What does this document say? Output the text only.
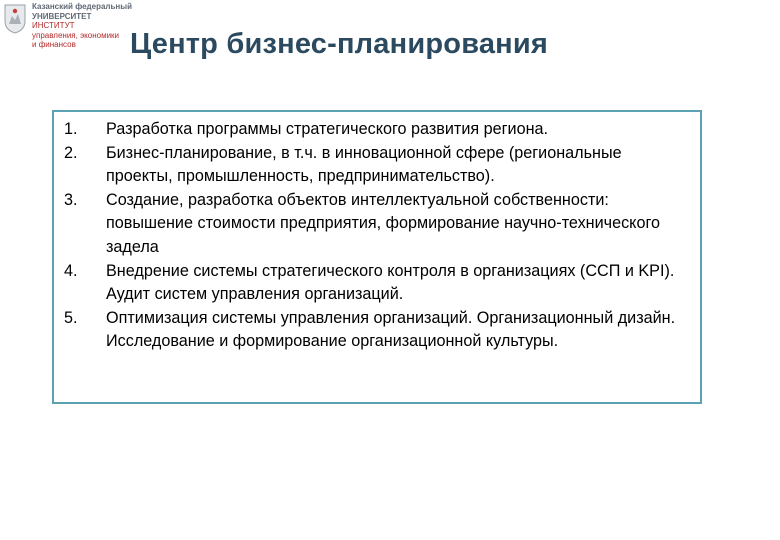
Казанский федеральный
УНИВЕРСИТЕТ
ИНСТИТУТ
управления, экономики
и финансов	Центр бизнес-планирования
1.	Разработка программы стратегического развития региона.
2.	Бизнес-планирование, в т.ч. в инновационной сфере (региональные проекты, промышленность, предпринимательство).
3.	Создание, разработка объектов интеллектуальной собственности: повышение стоимости предприятия, формирование научно-технического задела
4.	Внедрение системы стратегического контроля в организациях (ССП и KPI). Аудит систем управления организаций.
5.	Оптимизация системы управления организаций. Организационный дизайн. Исследование и формирование организационной культуры.
